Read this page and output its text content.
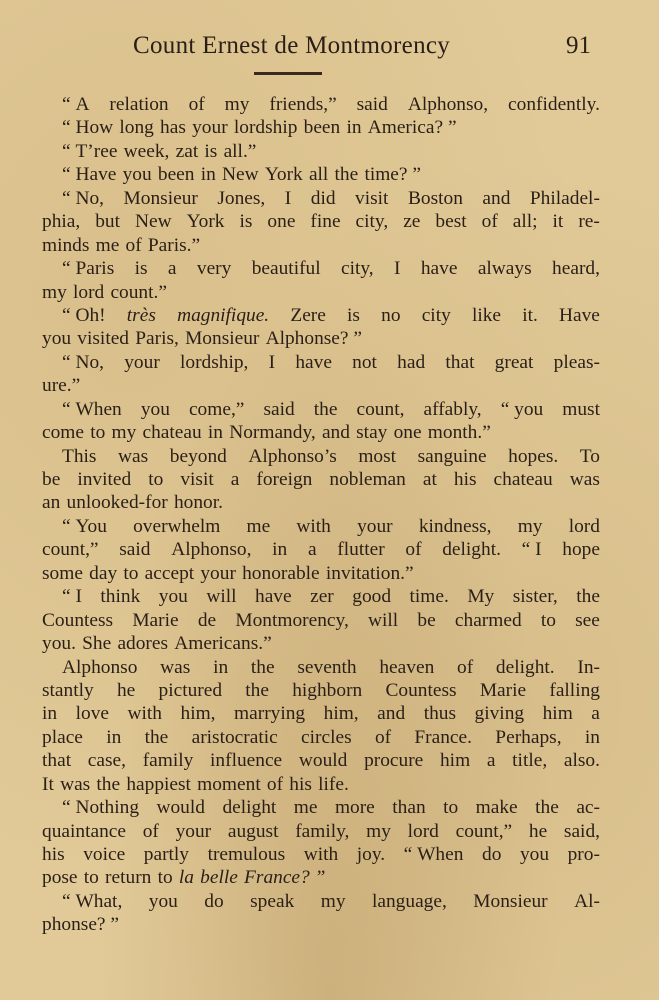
Count Ernest de Montmorency	91
“ A relation of my friends,” said Alphonso, confidently.
“ How long has your lordship been in America? ”
“ T’ree week, zat is all.”
“ Have you been in New York all the time? ”
“ No, Monsieur Jones, I did visit Boston and Philadel-
phia, but New York is one fine city, ze best of all; it re-
minds me of Paris.”
“ Paris is a very beautiful city, I have always heard,
my lord count.”
“ Oh! très magnifique. Zere is no city like it. Have
you visited Paris, Monsieur Alphonse? ”
“ No, your lordship, I have not had that great pleas-
ure.”
“ When you come,” said the count, affably, “ you must
come to my chateau in Normandy, and stay one month.”
This was beyond Alphonso’s most sanguine hopes. To
be invited to visit a foreign nobleman at his chateau was
an unlooked-for honor.
“ You overwhelm me with your kindness, my lord
count,” said Alphonso, in a flutter of delight. “ I hope
some day to accept your honorable invitation.”
“ I think you will have zer good time. My sister, the
Countess Marie de Montmorency, will be charmed to see
you. She adores Americans.”
Alphonso was in the seventh heaven of delight. In-
stantly he pictured the highborn Countess Marie falling
in love with him, marrying him, and thus giving him a
place in the aristocratic circles of France. Perhaps, in
that case, family influence would procure him a title, also.
It was the happiest moment of his life.
“ Nothing would delight me more than to make the ac-
quaintance of your august family, my lord count,” he said,
his voice partly tremulous with joy. “ When do you pro-
pose to return to la belle France? ”
“ What, you do speak my language, Monsieur Al-
phonse? ”
